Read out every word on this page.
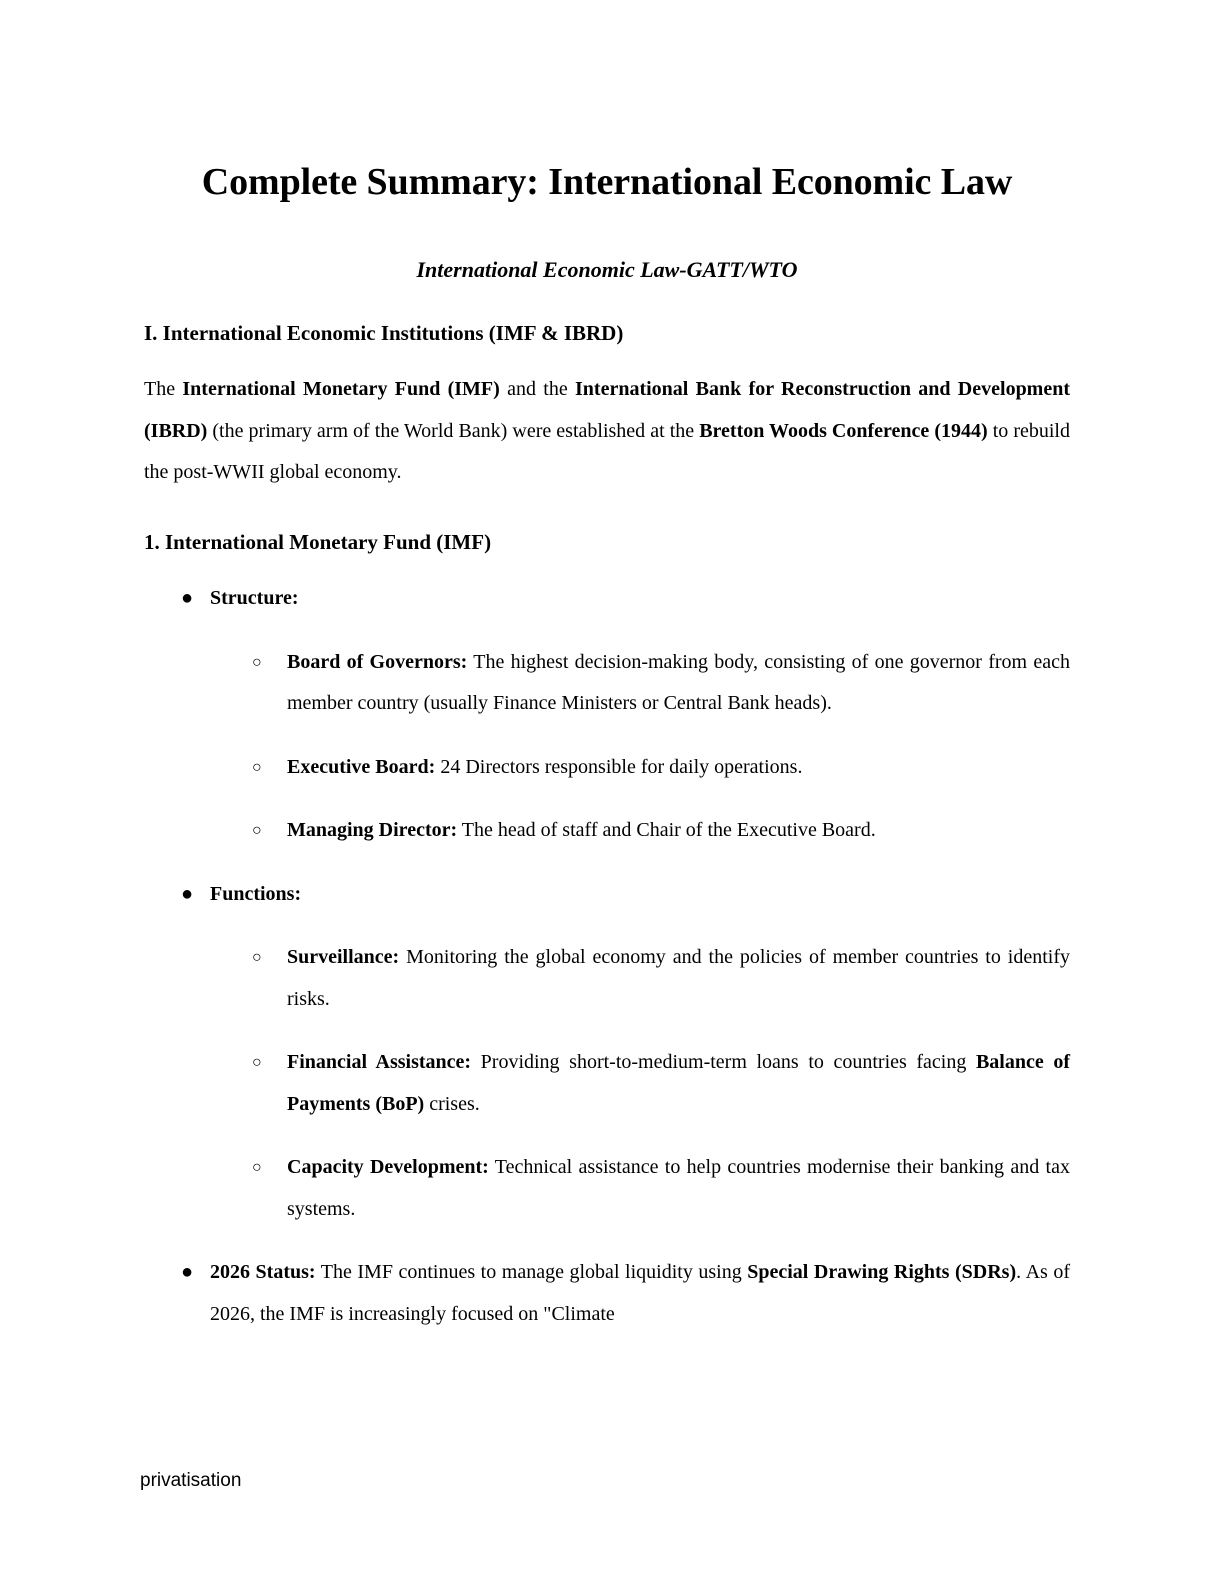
Complete Summary: International Economic Law

International Economic Law-GATT/WTO

I. International Economic Institutions (IMF & IBRD)

The International Monetary Fund (IMF) and the International Bank for Reconstruction and Development (IBRD) (the primary arm of the World Bank) were established at the Bretton Woods Conference (1944) to rebuild the post-WWII global economy.

1. International Monetary Fund (IMF)
● Structure:
○ Board of Governors: The highest decision-making body, consisting of one governor from each member country (usually Finance Ministers or Central Bank heads).
○ Executive Board: 24 Directors responsible for daily operations.
○ Managing Director: The head of staff and Chair of the Executive Board.
● Functions:
○ Surveillance: Monitoring the global economy and the policies of member countries to identify risks.
○ Financial Assistance: Providing short-to-medium-term loans to countries facing Balance of Payments (BoP) crises.
○ Capacity Development: Technical assistance to help countries modernise their banking and tax systems.
● 2026 Status: The IMF continues to manage global liquidity using Special Drawing Rights (SDRs). As of 2026, the IMF is increasingly focused on "Climate
privatisation
